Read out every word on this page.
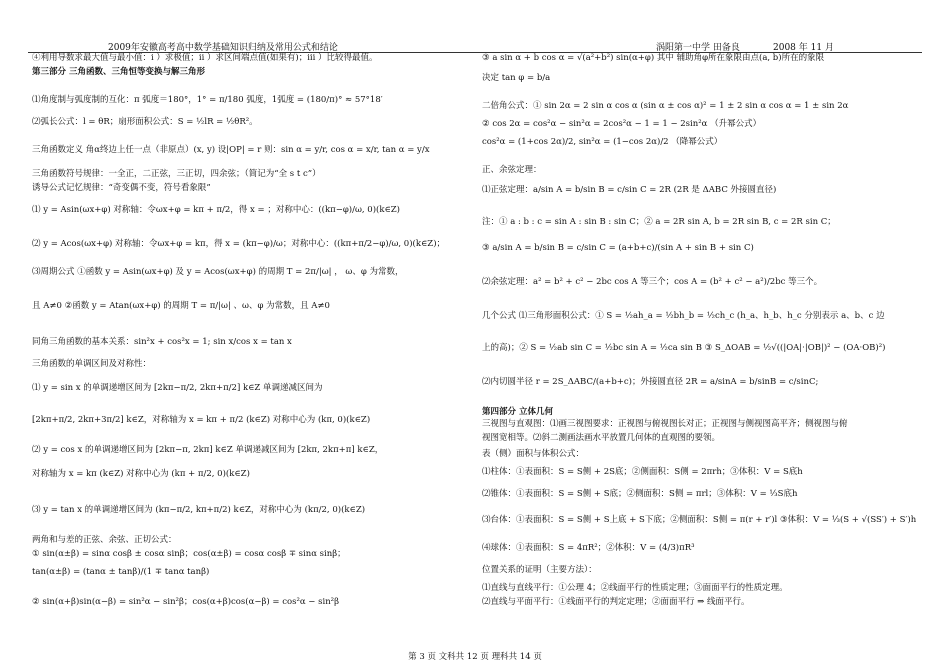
2009年安徽高考高中数学基础知识归纳及常用公式和结论	涡阳第一中学 田备良	2008 年 11 月
④利用导数求最大值与最小值：i ）求极值；ii ）求区间端点值(如果有)；iii ）比较得最值。
第三部分 三角函数、三角恒等变换与解三角形
⑴角度制与弧度制的互化：π 弧度＝180°，1° = π/180 弧度，1弧度 = (180/π)° ≈ 57°18′
⑵弧长公式：l = θR；扇形面积公式：S = ½lR = ½θR²。
三角函数定义 角α终边上任一点（非原点）(x, y) 设|OP| = r 则：sin α = y/r, cos α = x/r, tan α = y/x
三角函数符号规律：一全正，二正弦，三正切，四余弦；（简记为“全 s t c”）
诱导公式记忆规律：“奇变偶不变，符号看象限”
⑴ y = Asin(ωx+φ) 对称轴：令ωx+φ = kπ + π/2，得 x = ；对称中心：((kπ−φ)/ω, 0)(k∈Z)
⑵ y = Acos(ωx+φ) 对称轴：令ωx+φ = kπ，得 x = (kπ−φ)/ω；对称中心：((kπ+π/2−φ)/ω, 0)(k∈Z)；
⑶周期公式 ①函数 y = Asin(ωx+φ) 及 y = Acos(ωx+φ) 的周期 T = 2π/|ω| ， ω、φ 为常数，
且 A≠0 ②函数 y = Atan(ωx+φ) 的周期 T = π/|ω| 、ω、φ 为常数，且 A≠0
同角三角函数的基本关系：sin²x + cos²x = 1; sin x/cos x = tan x
三角函数的单调区间及对称性：
⑴ y = sin x 的单调递增区间为 [2kπ−π/2, 2kπ+π/2] k∈Z 单调递减区间为
[2kπ+π/2, 2kπ+3π/2] k∈Z，对称轴为 x = kπ + π/2 (k∈Z) 对称中心为 (kπ, 0)(k∈Z)
⑵ y = cos x 的单调递增区间为 [2kπ−π, 2kπ] k∈Z 单调递减区间为 [2kπ, 2kπ+π] k∈Z，
对称轴为 x = kπ (k∈Z) 对称中心为 (kπ + π/2, 0)(k∈Z)
⑶ y = tan x 的单调递增区间为 (kπ−π/2, kπ+π/2) k∈Z，对称中心为 (kπ/2, 0)(k∈Z)
两角和与差的正弦、余弦、正切公式：
① sin(α±β) = sinα cosβ ± cosα sinβ；cos(α±β) = cosα cosβ ∓ sinα sinβ；
tan(α±β) = (tanα ± tanβ)/(1 ∓ tanα tanβ)
② sin(α+β)sin(α−β) = sin²α − sin²β；cos(α+β)cos(α−β) = cos²α − sin²β
③ a sin α + b cos α = √(a²+b²) sin(α+φ) 其中 辅助角φ所在象限由点(a, b)所在的象限
决定 tan φ = b/a
二倍角公式：① sin 2α = 2 sin α cos α (sin α ± cos α)² = 1 ± 2 sin α cos α = 1 ± sin 2α
② cos 2α = cos²α − sin²α = 2cos²α − 1 = 1 − 2sin²α （升幂公式）
cos²α = (1+cos 2α)/2, sin²α = (1−cos 2α)/2 （降幂公式）
正、余弦定理：
⑴正弦定理：a/sin A = b/sin B = c/sin C = 2R (2R 是 ΔABC 外接圆直径)
注：① a : b : c = sin A : sin B : sin C；② a = 2R sin A, b = 2R sin B, c = 2R sin C；
③ a/sin A = b/sin B = c/sin C = (a+b+c)/(sin A + sin B + sin C)
⑵余弦定理：a² = b² + c² − 2bc cos A 等三个；cos A = (b² + c² − a²)/2bc 等三个。
几个公式 ⑴三角形面积公式：① S = ½ah_a = ½bh_b = ½ch_c (h_a、h_b、h_c 分别表示 a、b、c 边
上的高)；② S = ½ab sin C = ½bc sin A = ½ca sin B ③ S_ΔOAB = ½√((|OA|·|OB|)² − (OA·OB)²)
⑵内切圆半径 r = 2S_ΔABC/(a+b+c)；外接圆直径 2R = a/sinA = b/sinB = c/sinC;
第四部分 立体几何
三视图与直观图：⑴画三视图要求：正视图与俯视图长对正；正视图与侧视图高平齐；侧视图与俯
视图宽相等。⑵斜二测画法画水平放置几何体的直观图的要领。
表（侧）面积与体积公式：
⑴柱体：①表面积：S = S侧 + 2S底；②侧面积：S侧 = 2πrh；③体积：V = S底h
⑵锥体：①表面积：S = S侧 + S底；②侧面积：S侧 = πrl；③体积：V = ⅓S底h
⑶台体：①表面积：S = S侧 + S上底 + S下底；②侧面积：S侧 = π(r + r′)l ③体积：V = ⅓(S + √(SS′) + S′)h
⑷球体：①表面积：S = 4πR²；②体积：V = (4/3)πR³
位置关系的证明（主要方法）：
⑴直线与直线平行：①公理 4；②线面平行的性质定理；③面面平行的性质定理。
⑵直线与平面平行：①线面平行的判定定理；②面面平行 ⇒ 线面平行。
第 3 页 文科共 12 页 理科共 14 页
